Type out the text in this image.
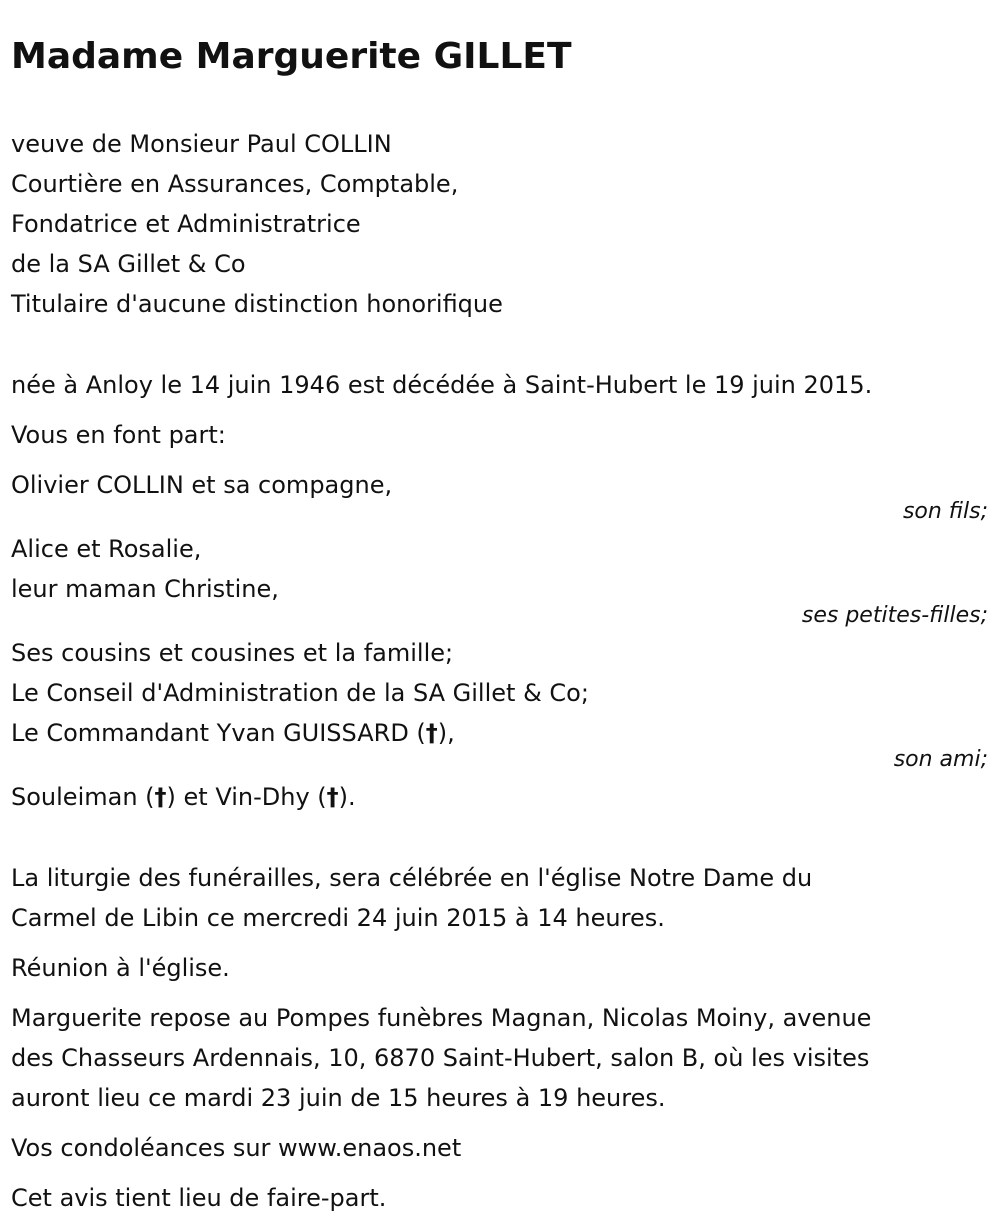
Madame Marguerite GILLET
veuve de Monsieur Paul COLLIN
Courtière en Assurances, Comptable,
Fondatrice et Administratrice
de la SA Gillet & Co
Titulaire d'aucune distinction honorifique
née à Anloy le 14 juin 1946 est décédée à Saint-Hubert le 19 juin 2015.
Vous en font part:
Olivier COLLIN et sa compagne,
son fils;
Alice et Rosalie,
leur maman Christine,
ses petites-filles;
Ses cousins et cousines et la famille;
Le Conseil d'Administration de la SA Gillet & Co;
Le Commandant Yvan GUISSARD (†),
son ami;
Souleiman (†) et Vin-Dhy (†).
La liturgie des funérailles, sera célébrée en l'église Notre Dame du
Carmel de Libin ce mercredi 24 juin 2015 à 14 heures.
Réunion à l'église.
Marguerite repose au Pompes funèbres Magnan, Nicolas Moiny, avenue
des Chasseurs Ardennais, 10, 6870 Saint-Hubert, salon B, où les visites
auront lieu ce mardi 23 juin de 15 heures à 19 heures.
Vos condoléances sur www.enaos.net
Cet avis tient lieu de faire-part.
